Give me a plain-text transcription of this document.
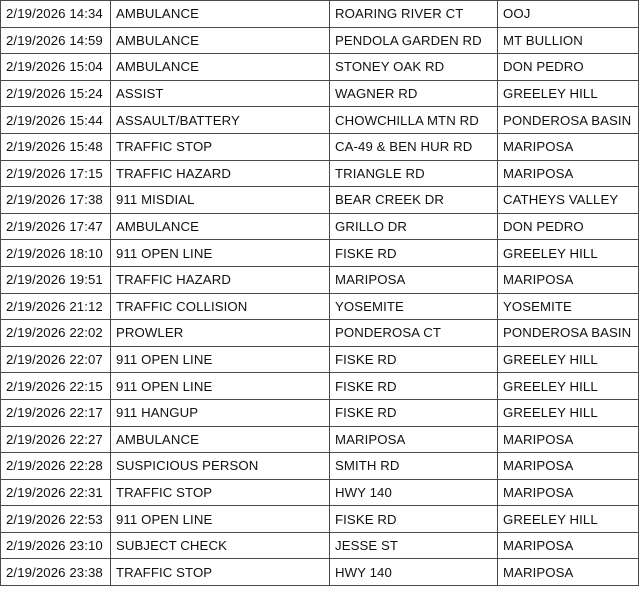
2/19/2026 14:34	AMBULANCE	ROARING RIVER CT	OOJ
2/19/2026 14:59	AMBULANCE	PENDOLA GARDEN RD	MT BULLION
2/19/2026 15:04	AMBULANCE	STONEY OAK RD	DON PEDRO
2/19/2026 15:24	ASSIST	WAGNER RD	GREELEY HILL
2/19/2026 15:44	ASSAULT/BATTERY	CHOWCHILLA MTN RD	PONDEROSA BASIN
2/19/2026 15:48	TRAFFIC STOP	CA-49 & BEN HUR RD	MARIPOSA
2/19/2026 17:15	TRAFFIC HAZARD	TRIANGLE RD	MARIPOSA
2/19/2026 17:38	911 MISDIAL	BEAR CREEK DR	CATHEYS VALLEY
2/19/2026 17:47	AMBULANCE	GRILLO DR	DON PEDRO
2/19/2026 18:10	911 OPEN LINE	FISKE RD	GREELEY HILL
2/19/2026 19:51	TRAFFIC HAZARD	MARIPOSA	MARIPOSA
2/19/2026 21:12	TRAFFIC COLLISION	YOSEMITE	YOSEMITE
2/19/2026 22:02	PROWLER	PONDEROSA CT	PONDEROSA BASIN
2/19/2026 22:07	911 OPEN LINE	FISKE RD	GREELEY HILL
2/19/2026 22:15	911 OPEN LINE	FISKE RD	GREELEY HILL
2/19/2026 22:17	911 HANGUP	FISKE RD	GREELEY HILL
2/19/2026 22:27	AMBULANCE	MARIPOSA	MARIPOSA
2/19/2026 22:28	SUSPICIOUS PERSON	SMITH RD	MARIPOSA
2/19/2026 22:31	TRAFFIC STOP	HWY 140	MARIPOSA
2/19/2026 22:53	911 OPEN LINE	FISKE RD	GREELEY HILL
2/19/2026 23:10	SUBJECT CHECK	JESSE ST	MARIPOSA
2/19/2026 23:38	TRAFFIC STOP	HWY 140	MARIPOSA
